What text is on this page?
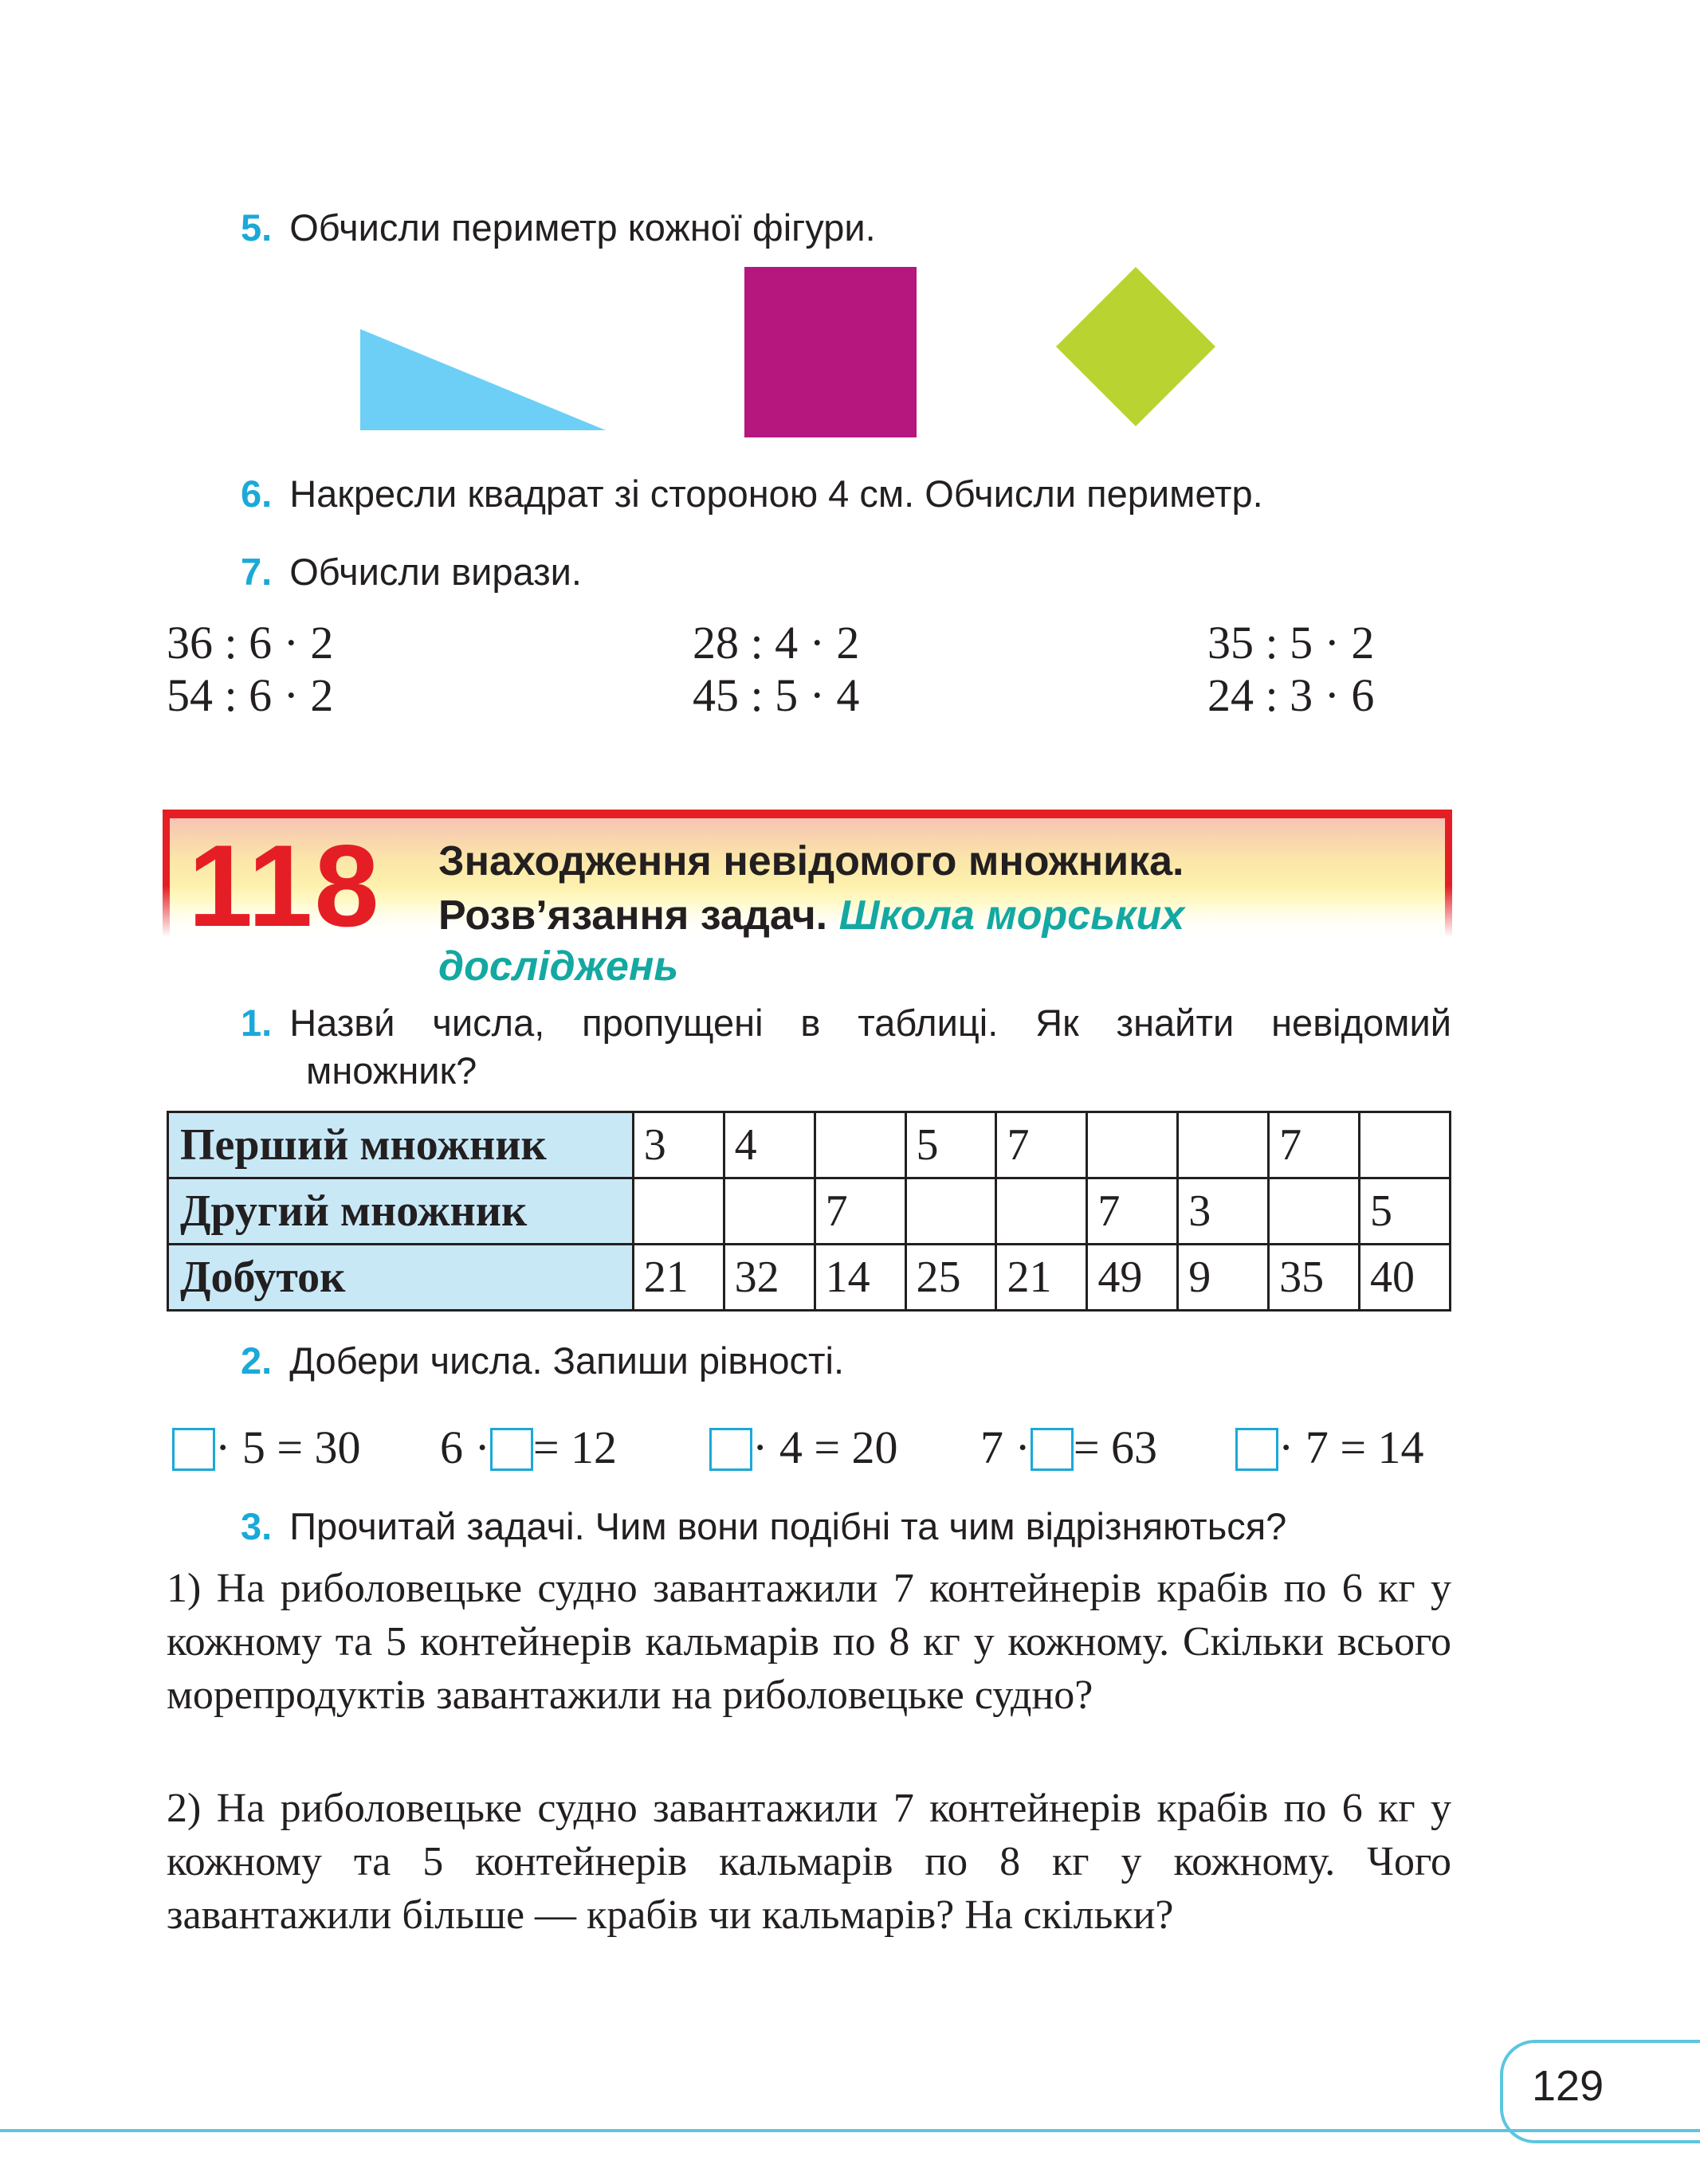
5. Обчисли периметр кожної фігури.
6. Накресли квадрат зі стороною 4 см. Обчисли периметр.
7. Обчисли вирази.
36 : 6 · 2	28 : 4 · 2	35 : 5 · 2
54 : 6 · 2	45 : 5 · 4	24 : 3 · 6
118 Знаходження невідомого множника.
Розв’язання задач. Школа морських
досліджень
1. Назви́ числа, пропущені в таблиці. Як знайти невідомий
множник?
Перший множник	3	4		5	7			7	
Другий множник			7			7	3		5
Добуток	21	32	14	25	21	49	9	35	40
2. Добери числа. Запиши рівності.
· 5 = 30 6 · = 12	· 4 = 20 7 · = 63	· 7 = 14
3. Прочитай задачі. Чим вони подібні та чим відрізняються?

1) На риболовецьке судно завантажили 7 контейнерів крабів по 6 кг у кожному та 5 контейнерів кальмарів по 8 кг у кожному. Скільки всього морепродуктів завантажили на риболовецьке судно?

2) На риболовецьке судно завантажили 7 контейнерів крабів по 6 кг у кожному та 5 контейнерів кальмарів по 8 кг у кожному. Чого завантажили більше — крабів чи кальмарів? На скільки?

129
